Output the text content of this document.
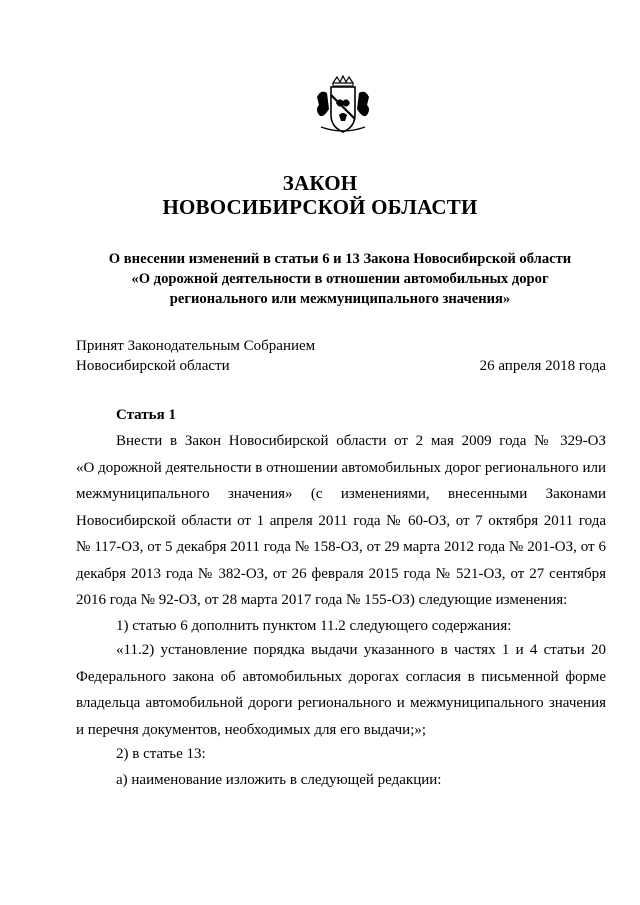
ЗАКОН
НОВОСИБИРСКОЙ ОБЛАСТИ
О внесении изменений в статьи 6 и 13 Закона Новосибирской области
«О дорожной деятельности в отношении автомобильных дорог
регионального или межмуниципального значения»
Принят Законодательным Собранием
Новосибирской области	26 апреля 2018 года
Статья 1
Внести в Закон Новосибирской области от 2 мая 2009 года № 329-ОЗ
«О дорожной деятельности в отношении автомобильных дорог регионального или
межмуниципального значения» (с изменениями, внесенными Законами
Новосибирской области от 1 апреля 2011 года № 60-ОЗ, от 7 октября 2011 года
№ 117-ОЗ, от 5 декабря 2011 года № 158-ОЗ, от 29 марта 2012 года № 201-ОЗ, от 6
декабря 2013 года № 382-ОЗ, от 26 февраля 2015 года № 521-ОЗ, от 27 сентября
2016 года № 92-ОЗ, от 28 марта 2017 года № 155-ОЗ) следующие изменения:
1) статью 6 дополнить пунктом 11.2 следующего содержания:
«11.2) установление порядка выдачи указанного в частях 1 и 4 статьи 20
Федерального закона об автомобильных дорогах согласия в письменной форме
владельца автомобильной дороги регионального и межмуниципального значения
и перечня документов, необходимых для его выдачи;»;
2) в статье 13:
а) наименование изложить в следующей редакции:
